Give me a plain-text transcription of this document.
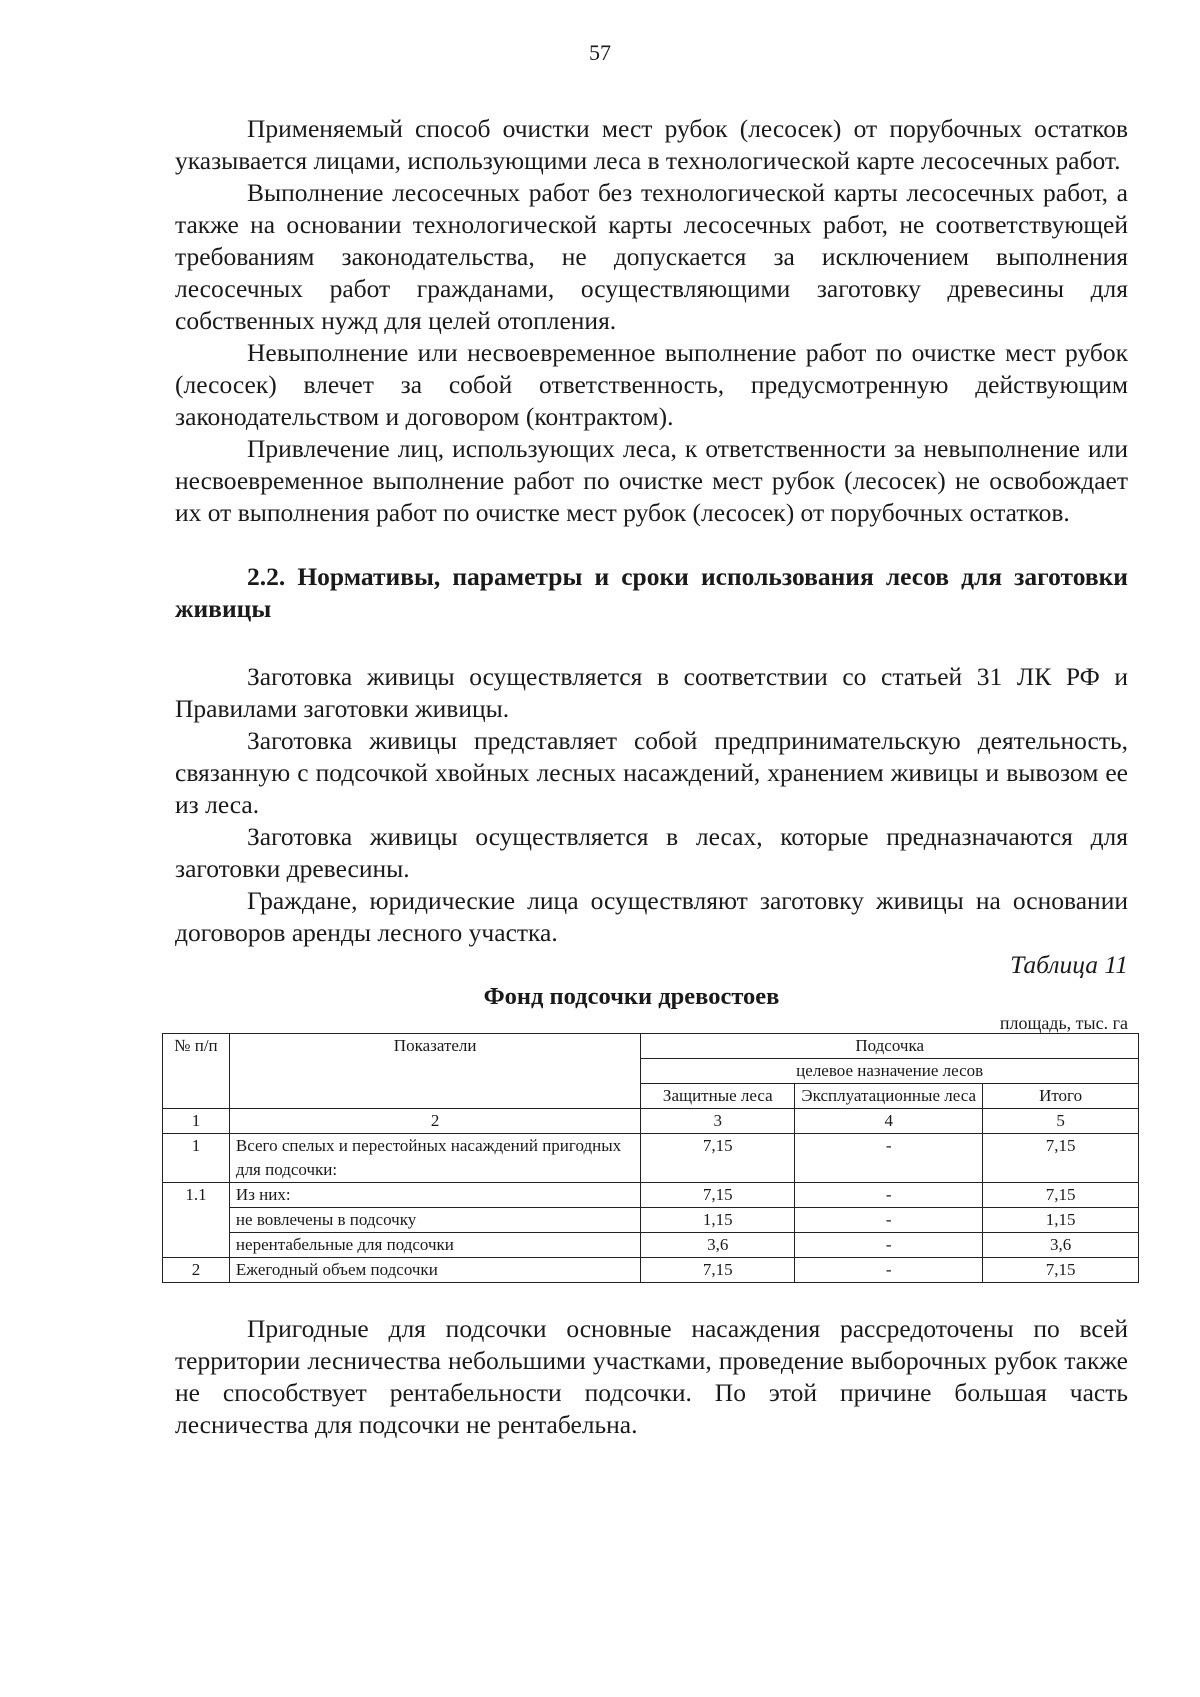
57

Применяемый способ очистки мест рубок (лесосек) от порубочных остатков указывается лицами, использующими леса в технологической карте лесосечных работ.

Выполнение лесосечных работ без технологической карты лесосечных работ, а также на основании технологической карты лесосечных работ, не соответствующей требованиям законодательства, не допускается за исключением выполнения лесосечных работ гражданами, осуществляющими заготовку древесины для собственных нужд для целей отопления.

Невыполнение или несвоевременное выполнение работ по очистке мест рубок (лесосек) влечет за собой ответственность, предусмотренную действующим законодательством и договором (контрактом).

Привлечение лиц, использующих леса, к ответственности за невыполнение или несвоевременное выполнение работ по очистке мест рубок (лесосек) не освобождает их от выполнения работ по очистке мест рубок (лесосек) от порубочных остатков.

2.2. Нормативы, параметры и сроки использования лесов для заготовки живицы

Заготовка живицы осуществляется в соответствии со статьей 31 ЛК РФ и Правилами заготовки живицы.

Заготовка живицы представляет собой предпринимательскую деятельность, связанную с подсочкой хвойных лесных насаждений, хранением живицы и вывозом ее из леса.

Заготовка живицы осуществляется в лесах, которые предназначаются для заготовки древесины.

Граждане, юридические лица осуществляют заготовку живицы на основании договоров аренды лесного участка.

Таблица 11

Фонд подсочки древостоев

площадь, тыс. га

№ п/п	Показатели	Подсочка		
		целевое назначение лесов		
		Защитные леса	Эксплуатационные леса	Итого
1	2	3	4	5
1	Всего спелых и перестойных насаждений пригодных для подсочки:	7,15	-	7,15
1.1	Из них:	7,15	-	7,15
	не вовлечены в подсочку	1,15	-	1,15
	нерентабельные для подсочки	3,6	-	3,6
2	Ежегодный объем подсочки	7,15	-	7,15

Пригодные для подсочки основные насаждения рассредоточены по всей территории лесничества небольшими участками, проведение выборочных рубок также не способствует рентабельности подсочки. По этой причине большая часть лесничества для подсочки не рентабельна.
